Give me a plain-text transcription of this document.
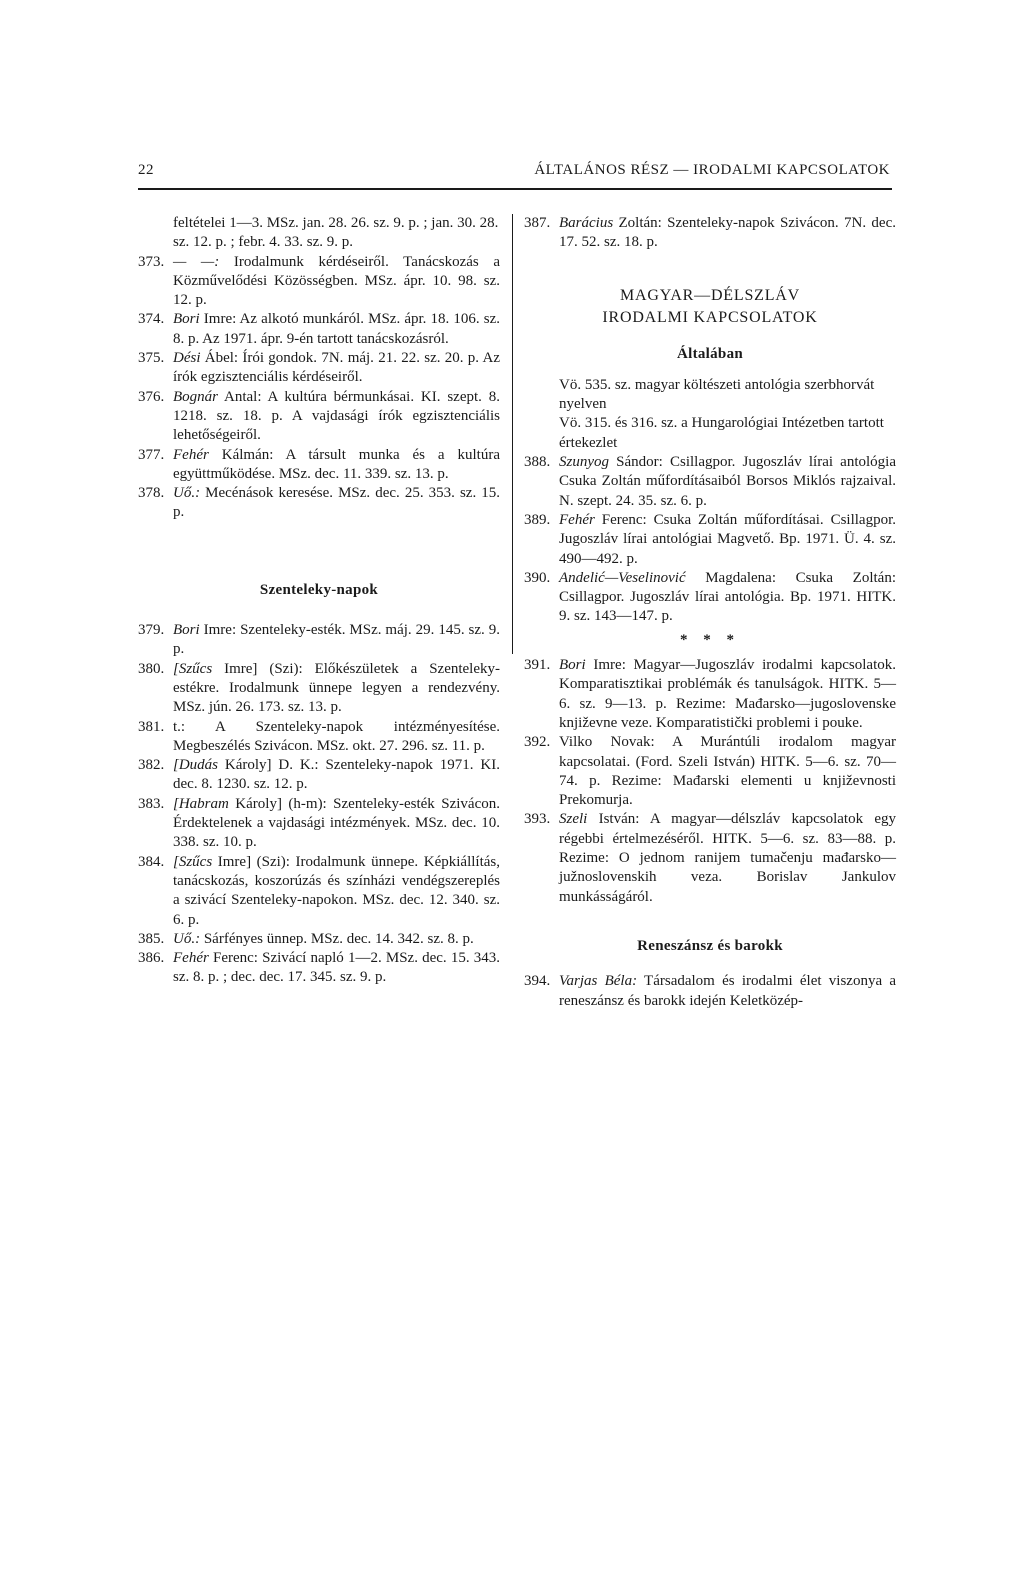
22	ÁLTALÁNOS RÉSZ — IRODALMI KAPCSOLATOK
feltételei 1—3. MSz. jan. 28. 26. sz. 9. p. ; jan. 30. 28. sz. 12. p. ; febr. 4. 33. sz. 9. p.
373. — —: Irodalmunk kérdéseiről. Tanácskozás a Közművelődési Közösségben. MSz. ápr. 10. 98. sz. 12. p.
374. Bori Imre: Az alkotó munkáról. MSz. ápr. 18. 106. sz. 8. p. Az 1971. ápr. 9-én tartott tanácskozásról.
375. Dési Ábel: Írói gondok. 7N. máj. 21. 22. sz. 20. p. Az írók egzisztenciális kérdéseiről.
376. Bognár Antal: A kultúra bérmunkásai. KI. szept. 8. 1218. sz. 18. p. A vajdasági írók egzisztenciális lehetőségeiről.
377. Fehér Kálmán: A társult munka és a kultúra együttműködése. MSz. dec. 11. 339. sz. 13. p.
378. Uő.: Mecénások keresése. MSz. dec. 25. 353. sz. 15. p.
Szenteleky-napok
379. Bori Imre: Szenteleky-esték. MSz. máj. 29. 145. sz. 9. p.
380. [Szűcs Imre] (Szi): Előkészületek a Szenteleky-estékre. Irodalmunk ünnepe legyen a rendezvény. MSz. jún. 26. 173. sz. 13. p.
381. t.: A Szenteleky-napok intézményesítése. Megbeszélés Szivácon. MSz. okt. 27. 296. sz. 11. p.
382. [Dudás Károly] D. K.: Szenteleky-napok 1971. KI. dec. 8. 1230. sz. 12. p.
383. [Habram Károly] (h-m): Szenteleky-esték Szivácon. Érdektelenek a vajdasági intézmények. MSz. dec. 10. 338. sz. 10. p.
384. [Szűcs Imre] (Szi): Irodalmunk ünnepe. Képkiállítás, tanácskozás, koszorúzás és színházi vendégszereplés a szivácí Szenteleky-napokon. MSz. dec. 12. 340. sz. 6. p.
385. Uő.: Sárfényes ünnep. MSz. dec. 14. 342. sz. 8. p.
386. Fehér Ferenc: Szivácí napló 1—2. MSz. dec. 15. 343. sz. 8. p. ; dec. dec. 17. 345. sz. 9. p.
387. Barácius Zoltán: Szenteleky-napok Szivácon. 7N. dec. 17. 52. sz. 18. p.
MAGYAR—DÉLSZLÁV
IRODALMI KAPCSOLATOK
Általában
Vö. 535. sz. magyar költészeti antológia szerbhorvát nyelven
Vö. 315. és 316. sz. a Hungarológiai Intézetben tartott értekezlet
388. Szunyog Sándor: Csillagpor. Jugoszláv lírai antológia Csuka Zoltán műfordításaiból Borsos Miklós rajzaival. N. szept. 24. 35. sz. 6. p.
389. Fehér Ferenc: Csuka Zoltán műfordításai. Csillagpor. Jugoszláv lírai antológiai Magvető. Bp. 1971. Ü. 4. sz. 490—492. p.
390. Andelić—Veselinović Magdalena: Csuka Zoltán: Csillagpor. Jugoszláv lírai antológia. Bp. 1971. HITK. 9. sz. 143—147. p.
* * *
391. Bori Imre: Magyar—Jugoszláv irodalmi kapcsolatok. Komparatisztikai problémák és tanulságok. HITK. 5—6. sz. 9—13. p. Rezime: Mađarsko—jugoslovenske književne veze. Komparatistički problemi i pouke.
392. Vilko Novak: A Murántúli irodalom magyar kapcsolatai. (Ford. Szeli István) HITK. 5—6. sz. 70—74. p. Rezime: Mađarski elementi u književnosti Prekomurja.
393. Szeli István: A magyar—délszláv kapcsolatok egy régebbi értelmezéséről. HITK. 5—6. sz. 83—88. p. Rezime: O jednom ranijem tumačenju mađarsko—južnoslovenskih veza. Borislav Jankulov munkásságáról.
Reneszánsz és barokk
394. Varjas Béla: Társadalom és irodalmi élet viszonya a reneszánsz és barokk idején Keletközép-
